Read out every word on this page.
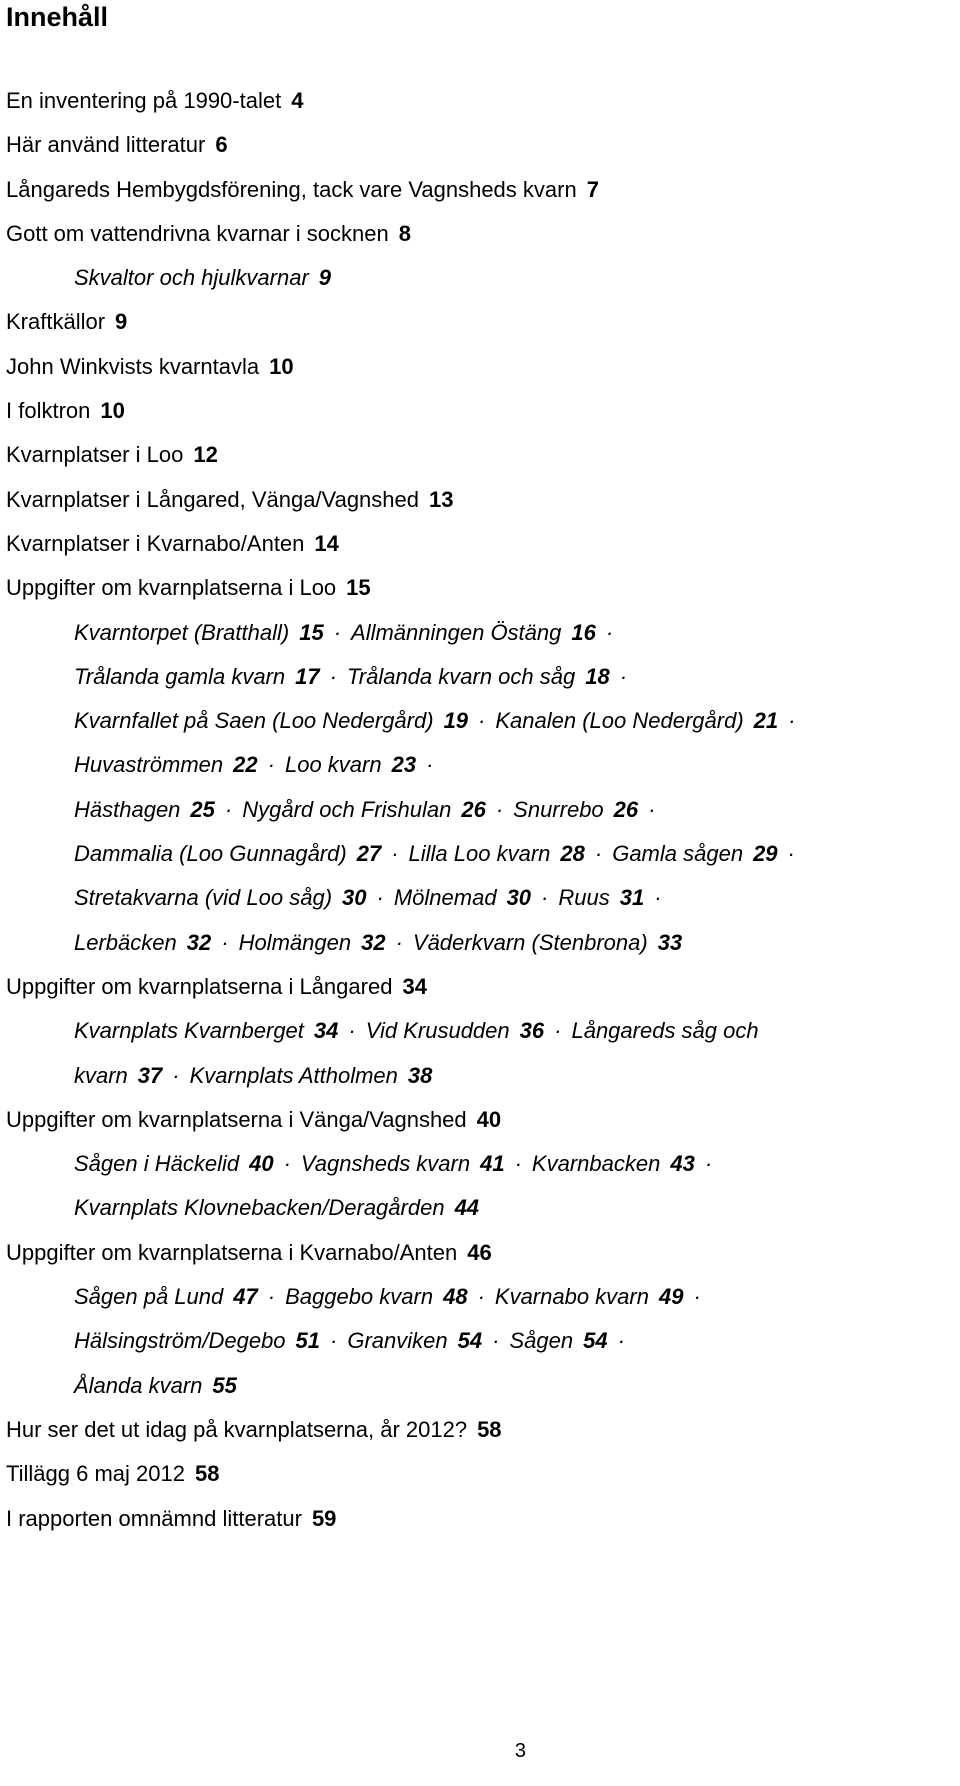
Innehåll
En inventering på 1990-talet 4
Här använd litteratur 6
Långareds Hembygdsförening, tack vare Vagnsheds kvarn 7
Gott om vattendrivna kvarnar i socknen 8
Skvaltor och hjulkvarnar 9
Kraftkällor 9
John Winkvists kvarntavla 10
I folktron 10
Kvarnplatser i Loo 12
Kvarnplatser i Långared, Vänga/Vagnshed 13
Kvarnplatser i Kvarnabo/Anten 14
Uppgifter om kvarnplatserna i Loo 15
Kvarntorpet (Bratthall) 15 · Allmänningen Östäng 16 ·
Trålanda gamla kvarn 17 · Trålanda kvarn och såg 18 ·
Kvarnfallet på Saen (Loo Nedergård) 19 · Kanalen (Loo Nedergård) 21 ·
Huvaströmmen 22 · Loo kvarn 23 ·
Hästhagen 25 · Nygård och Frishulan 26 · Snurrebo 26 ·
Dammalia (Loo Gunnagård) 27 · Lilla Loo kvarn 28 · Gamla sågen 29 ·
Stretakvarna (vid Loo såg) 30 · Mölnemad 30 · Ruus 31 ·
Lerbäcken 32 · Holmängen 32 · Väderkvarn (Stenbrona) 33
Uppgifter om kvarnplatserna i Långared 34
Kvarnplats Kvarnberget 34 · Vid Krusudden 36 · Långareds såg och
kvarn 37 · Kvarnplats Attholmen 38
Uppgifter om kvarnplatserna i Vänga/Vagnshed 40
Sågen i Häckelid 40 · Vagnsheds kvarn 41 · Kvarnbacken 43 ·
Kvarnplats Klovnebacken/Deragården 44
Uppgifter om kvarnplatserna i Kvarnabo/Anten 46
Sågen på Lund 47 · Baggebo kvarn 48 · Kvarnabo kvarn 49 ·
Hälsingström/Degebo 51 · Granviken 54 · Sågen 54 ·
Ålanda kvarn 55
Hur ser det ut idag på kvarnplatserna, år 2012? 58
Tillägg 6 maj 2012 58
I rapporten omnämnd litteratur 59
3
